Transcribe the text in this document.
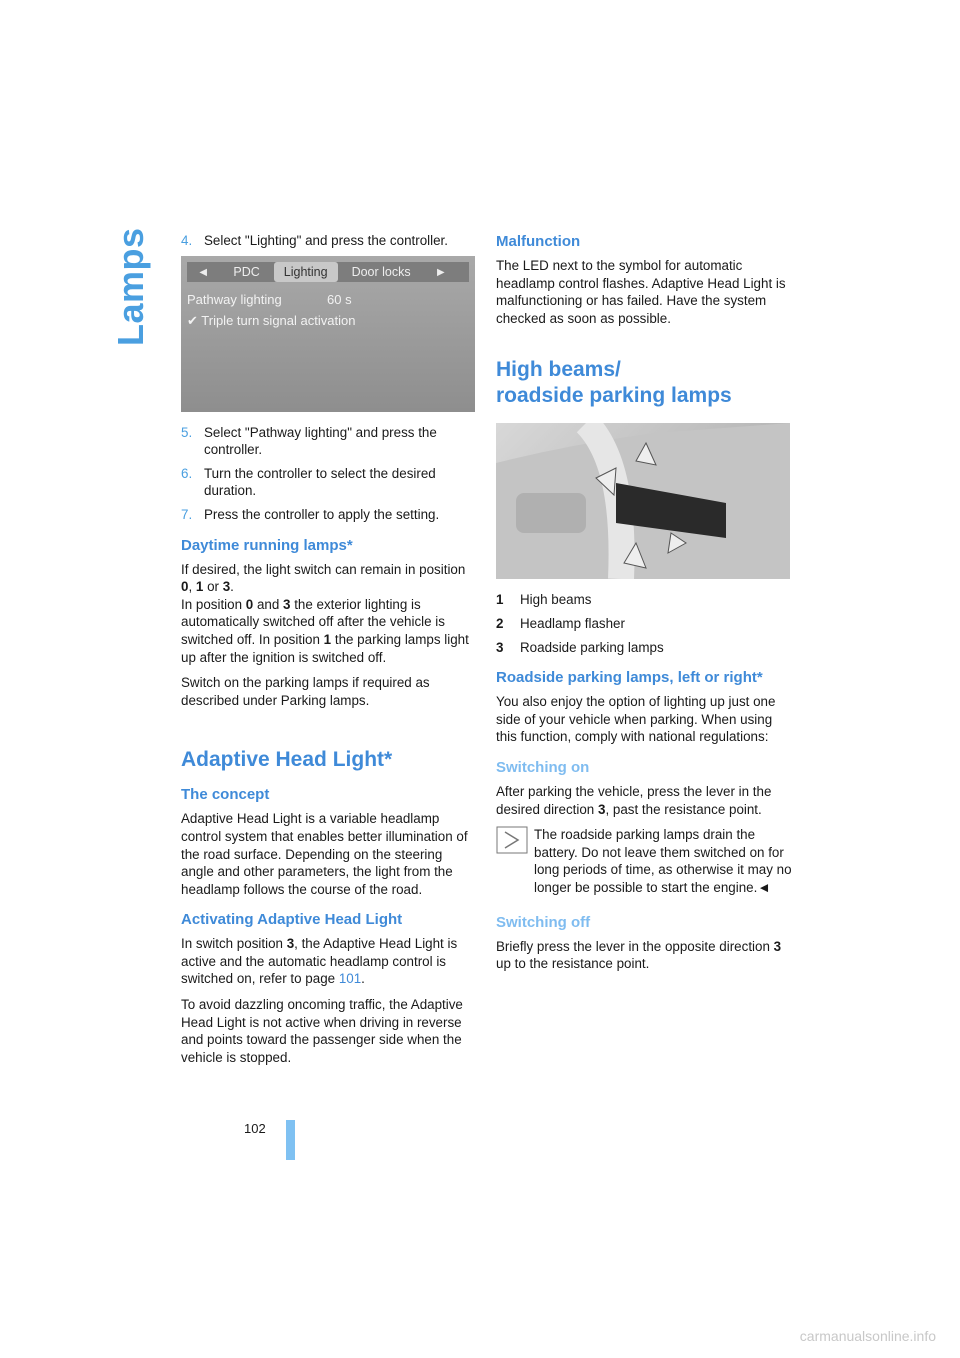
Lamps 4. Select "Lighting" and press the controller.
◄	PDC	Lighting	Door locks	►
Pathway lighting	60 s
✔ Triple turn signal activation
5. Select "Pathway lighting" and press the controller.
6. Turn the controller to select the desired duration.
7. Press the controller to apply the setting.
Daytime running lamps*

If desired, the light switch can remain in position 0, 1 or 3.
In position 0 and 3 the exterior lighting is automatically switched off after the vehicle is switched off. In position 1 the parking lamps light up after the ignition is switched off.

Switch on the parking lamps if required as described under Parking lamps.

Adaptive Head Light*
The concept

Adaptive Head Light is a variable headlamp control system that enables better illumination of the road surface. Depending on the steering angle and other parameters, the light from the headlamp follows the course of the road.

Activating Adaptive Head Light

In switch position 3, the Adaptive Head Light is active and the automatic headlamp control is switched on, refer to page 101.

To avoid dazzling oncoming traffic, the Adaptive Head Light is not active when driving in reverse and points toward the passenger side when the vehicle is stopped.

Malfunction

The LED next to the symbol for automatic headlamp control flashes. Adaptive Head Light is malfunctioning or has failed. Have the system checked as soon as possible.

High beams/
roadside parking lamps
1	High beams
2	Headlamp flasher
3	Roadside parking lamps
Roadside parking lamps, left or right*

You also enjoy the option of lighting up just one side of your vehicle when parking. When using this function, comply with national regulations:

Switching on

After parking the vehicle, press the lever in the desired direction 3, past the resistance point.

The roadside parking lamps drain the battery. Do not leave them switched on for long periods of time, as otherwise it may no longer be possible to start the engine.◄

Switching off

Briefly press the lever in the opposite direction 3 up to the resistance point.

102
carmanualsonline.info
